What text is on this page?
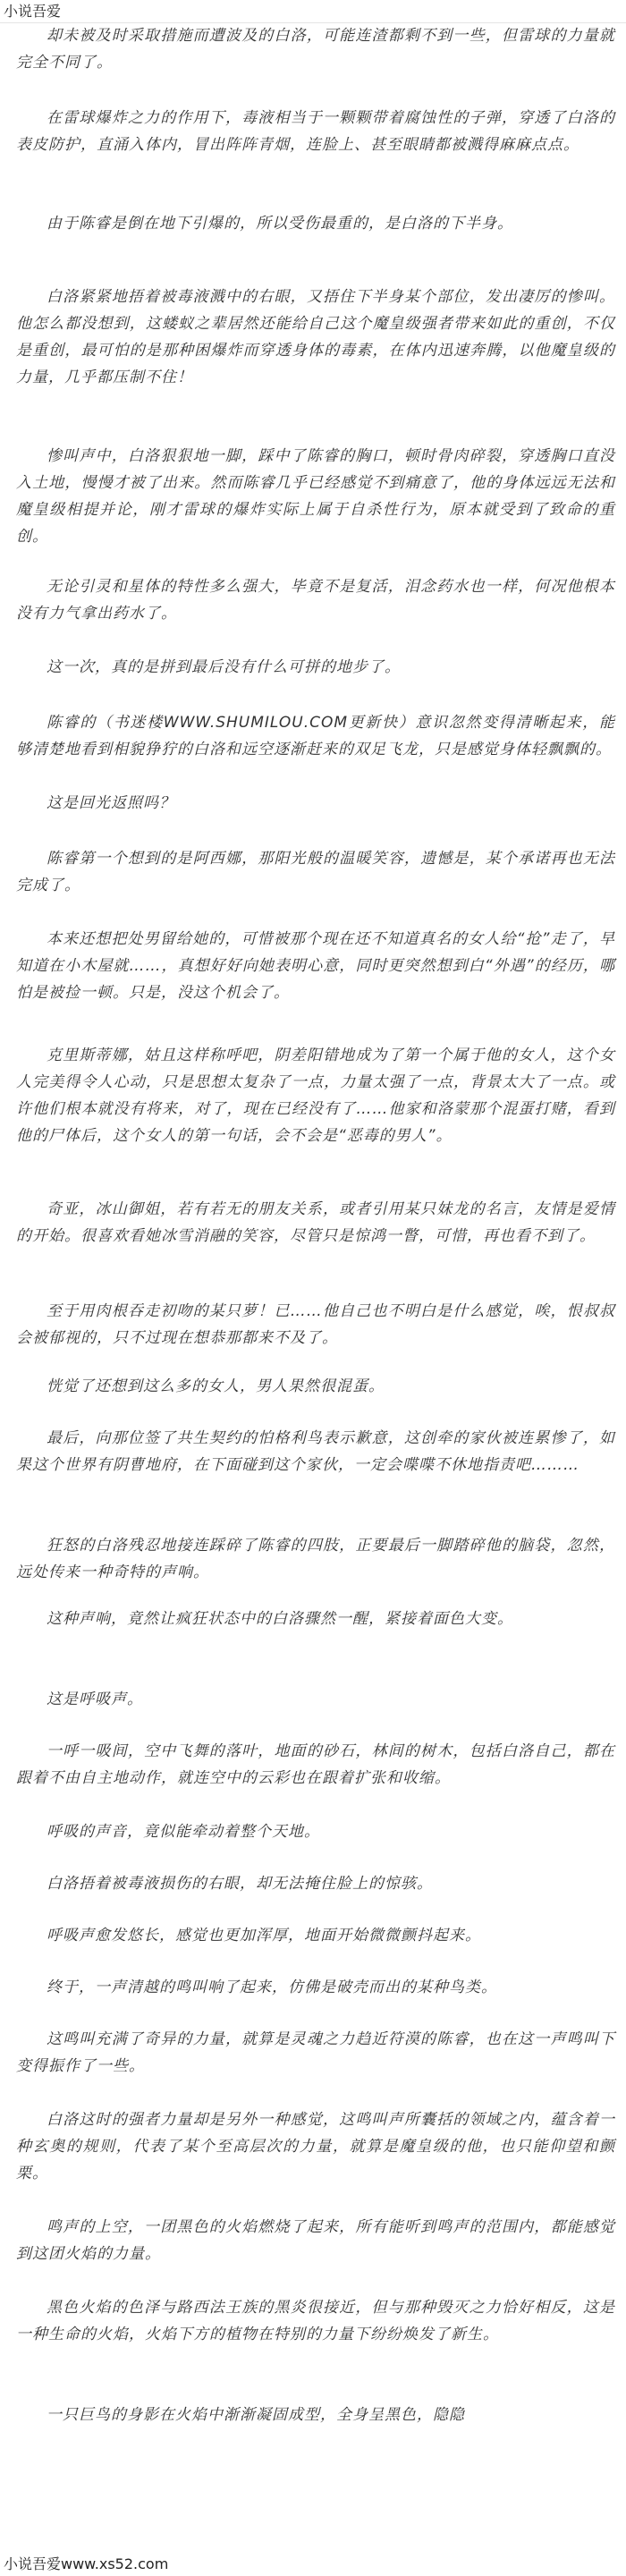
小说吾爱

却未被及时采取措施而遭波及的白洛，可能连渣都剩不到一些，但雷球的力量就完全不同了。

在雷球爆炸之力的作用下，毒液相当于一颗颗带着腐蚀性的子弹，穿透了白洛的表皮防护，直涌入体内，冒出阵阵青烟，连脸上、甚至眼睛都被溅得麻麻点点。

由于陈睿是倒在地下引爆的，所以受伤最重的，是白洛的下半身。

白洛紧紧地捂着被毒液溅中的右眼，又捂住下半身某个部位，发出凄厉的惨叫。他怎么都没想到，这蝼蚁之辈居然还能给自己这个魔皇级强者带来如此的重创，不仅是重创，最可怕的是那种困爆炸而穿透身体的毒素，在体内迅速奔腾，以他魔皇级的力量，几乎都压制不住！

惨叫声中，白洛狠狠地一脚，踩中了陈睿的胸口，顿时骨肉碎裂，穿透胸口直没入土地，慢慢才被了出来。然而陈睿几乎已经感觉不到痛意了，他的身体远远无法和魔皇级相提并论，刚才雷球的爆炸实际上属于自杀性行为，原本就受到了致命的重创。

无论引灵和星体的特性多么强大，毕竟不是复活，泪念药水也一样，何况他根本没有力气拿出药水了。

这一次，真的是拼到最后没有什么可拼的地步了。

陈睿的（书迷楼WWW.SHUMILOU.COM更新快）意识忽然变得清晰起来，能够清楚地看到相貌狰狞的白洛和远空逐渐赶来的双足飞龙，只是感觉身体轻飘飘的。

这是回光返照吗？

陈睿第一个想到的是阿西娜，那阳光般的温暖笑容，遗憾是，某个承诺再也无法完成了。

本来还想把处男留给她的，可惜被那个现在还不知道真名的女人给“抢”走了，早知道在小木屋就……，真想好好向她表明心意，同时更突然想到白“外遇”的经历，哪怕是被捡一顿。只是，没这个机会了。

克里斯蒂娜，姑且这样称呼吧，阴差阳错地成为了第一个属于他的女人，这个女人完美得令人心动，只是思想太复杂了一点，力量太强了一点，背景太大了一点。或许他们根本就没有将来，对了，现在已经没有了……他家和洛蒙那个混蛋打赌，看到他的尸体后，这个女人的第一句话，会不会是“恶毒的男人”。

奇亚，冰山御姐，若有若无的朋友关系，或者引用某只妹龙的名言，友情是爱情的开始。很喜欢看她冰雪消融的笑容，尽管只是惊鸿一瞥，可惜，再也看不到了。

至于用肉根吞走初吻的某只萝！已……他自己也不明白是什么感觉，唉，恨叔叔会被郁视的，只不过现在想恭那都来不及了。

恍觉了还想到这么多的女人，男人果然很混蛋。

最后，向那位签了共生契约的怕格利鸟表示歉意，这创牵的家伙被连累惨了，如果这个世界有阴曹地府，在下面碰到这个家伙，一定会喋喋不休地指责吧………

狂怒的白洛残忍地接连踩碎了陈睿的四肢，正要最后一脚踏碎他的脑袋，忽然，远处传来一种奇特的声响。

这种声响，竟然让疯狂状态中的白洛骤然一醒，紧接着面色大变。

这是呼吸声。

一呼一吸间，空中飞舞的落叶，地面的砂石，林间的树木，包括白洛自己，都在跟着不由自主地动作，就连空中的云彩也在跟着扩张和收缩。

呼吸的声音，竟似能牵动着整个天地。

白洛捂着被毒液损伤的右眼，却无法掩住脸上的惊骇。

呼吸声愈发悠长，感觉也更加浑厚，地面开始微微颤抖起来。

终于，一声清越的鸣叫响了起来，仿佛是破壳而出的某种鸟类。

这鸣叫充满了奇异的力量，就算是灵魂之力趋近符漠的陈睿，也在这一声鸣叫下变得振作了一些。

白洛这时的强者力量却是另外一种感觉，这鸣叫声所囊括的领域之内，蕴含着一种玄奥的规则，代表了某个至高层次的力量，就算是魔皇级的他，也只能仰望和颤栗。

鸣声的上空，一团黑色的火焰燃烧了起来，所有能听到鸣声的范围内，都能感觉到这团火焰的力量。

黑色火焰的色泽与路西法王族的黑炎很接近，但与那种毁灭之力恰好相反，这是一种生命的火焰，火焰下方的植物在特别的力量下纷纷焕发了新生。

一只巨鸟的身影在火焰中渐渐凝固成型，全身呈黑色，隐隐

小说吾爱www.xs52.com
